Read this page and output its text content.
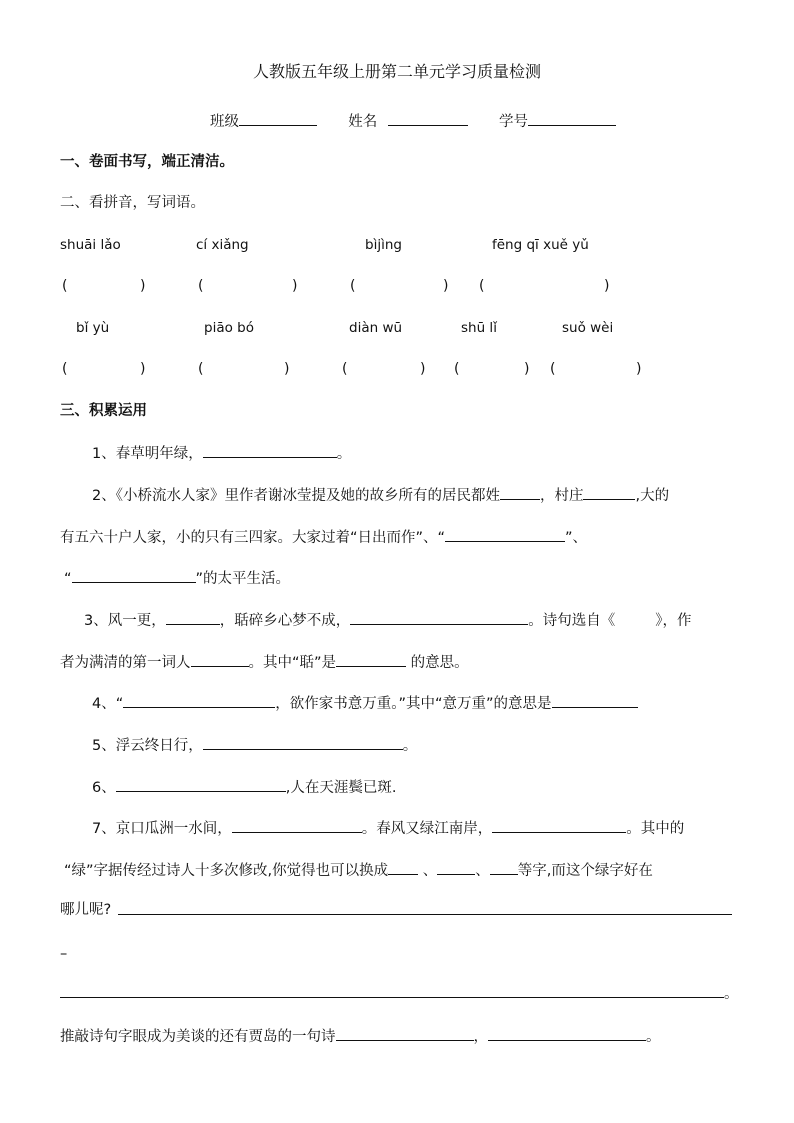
人教版五年级上册第二单元学习质量检测
班级	姓名	学号
一、卷面书写，端正清洁。
二、看拼音，写词语。
shuāi lǎo	cí xiǎng	bìjìng	fēng qī xuě yǔ
(	)	(	)	(	) (	)
bǐ yù	piāo bó	diàn wū	shū lǐ	suǒ wèi
(	)	(	)	(	) (	) (	)
三、积累运用
1、春草明年绿，	。
2、《小桥流水人家》里作者谢冰莹提及她的故乡所有的居民都姓	，村庄	,大的
有五六十户人家，小的只有三四家。大家过着“日出而作”、“	”、
“	”的太平生活。
3、风一更，	，聒碎乡心梦不成，	。诗句选自《	》，作
者为满清的第一词人	。其中“聒”是	的意思。
4、“	，欲作家书意万重。”其中“意万重”的意思是
5、浮云终日行，	。
6、	,人在天涯鬓已斑.
7、京口瓜洲一水间，	。春风又绿江南岸，	。其中的
“绿”字据传经过诗人十多次修改,你觉得也可以换成 、	、 等字,而这个绿字好在
哪儿呢?
–
。
推敲诗句字眼成为美谈的还有贾岛的一句诗	，	。
